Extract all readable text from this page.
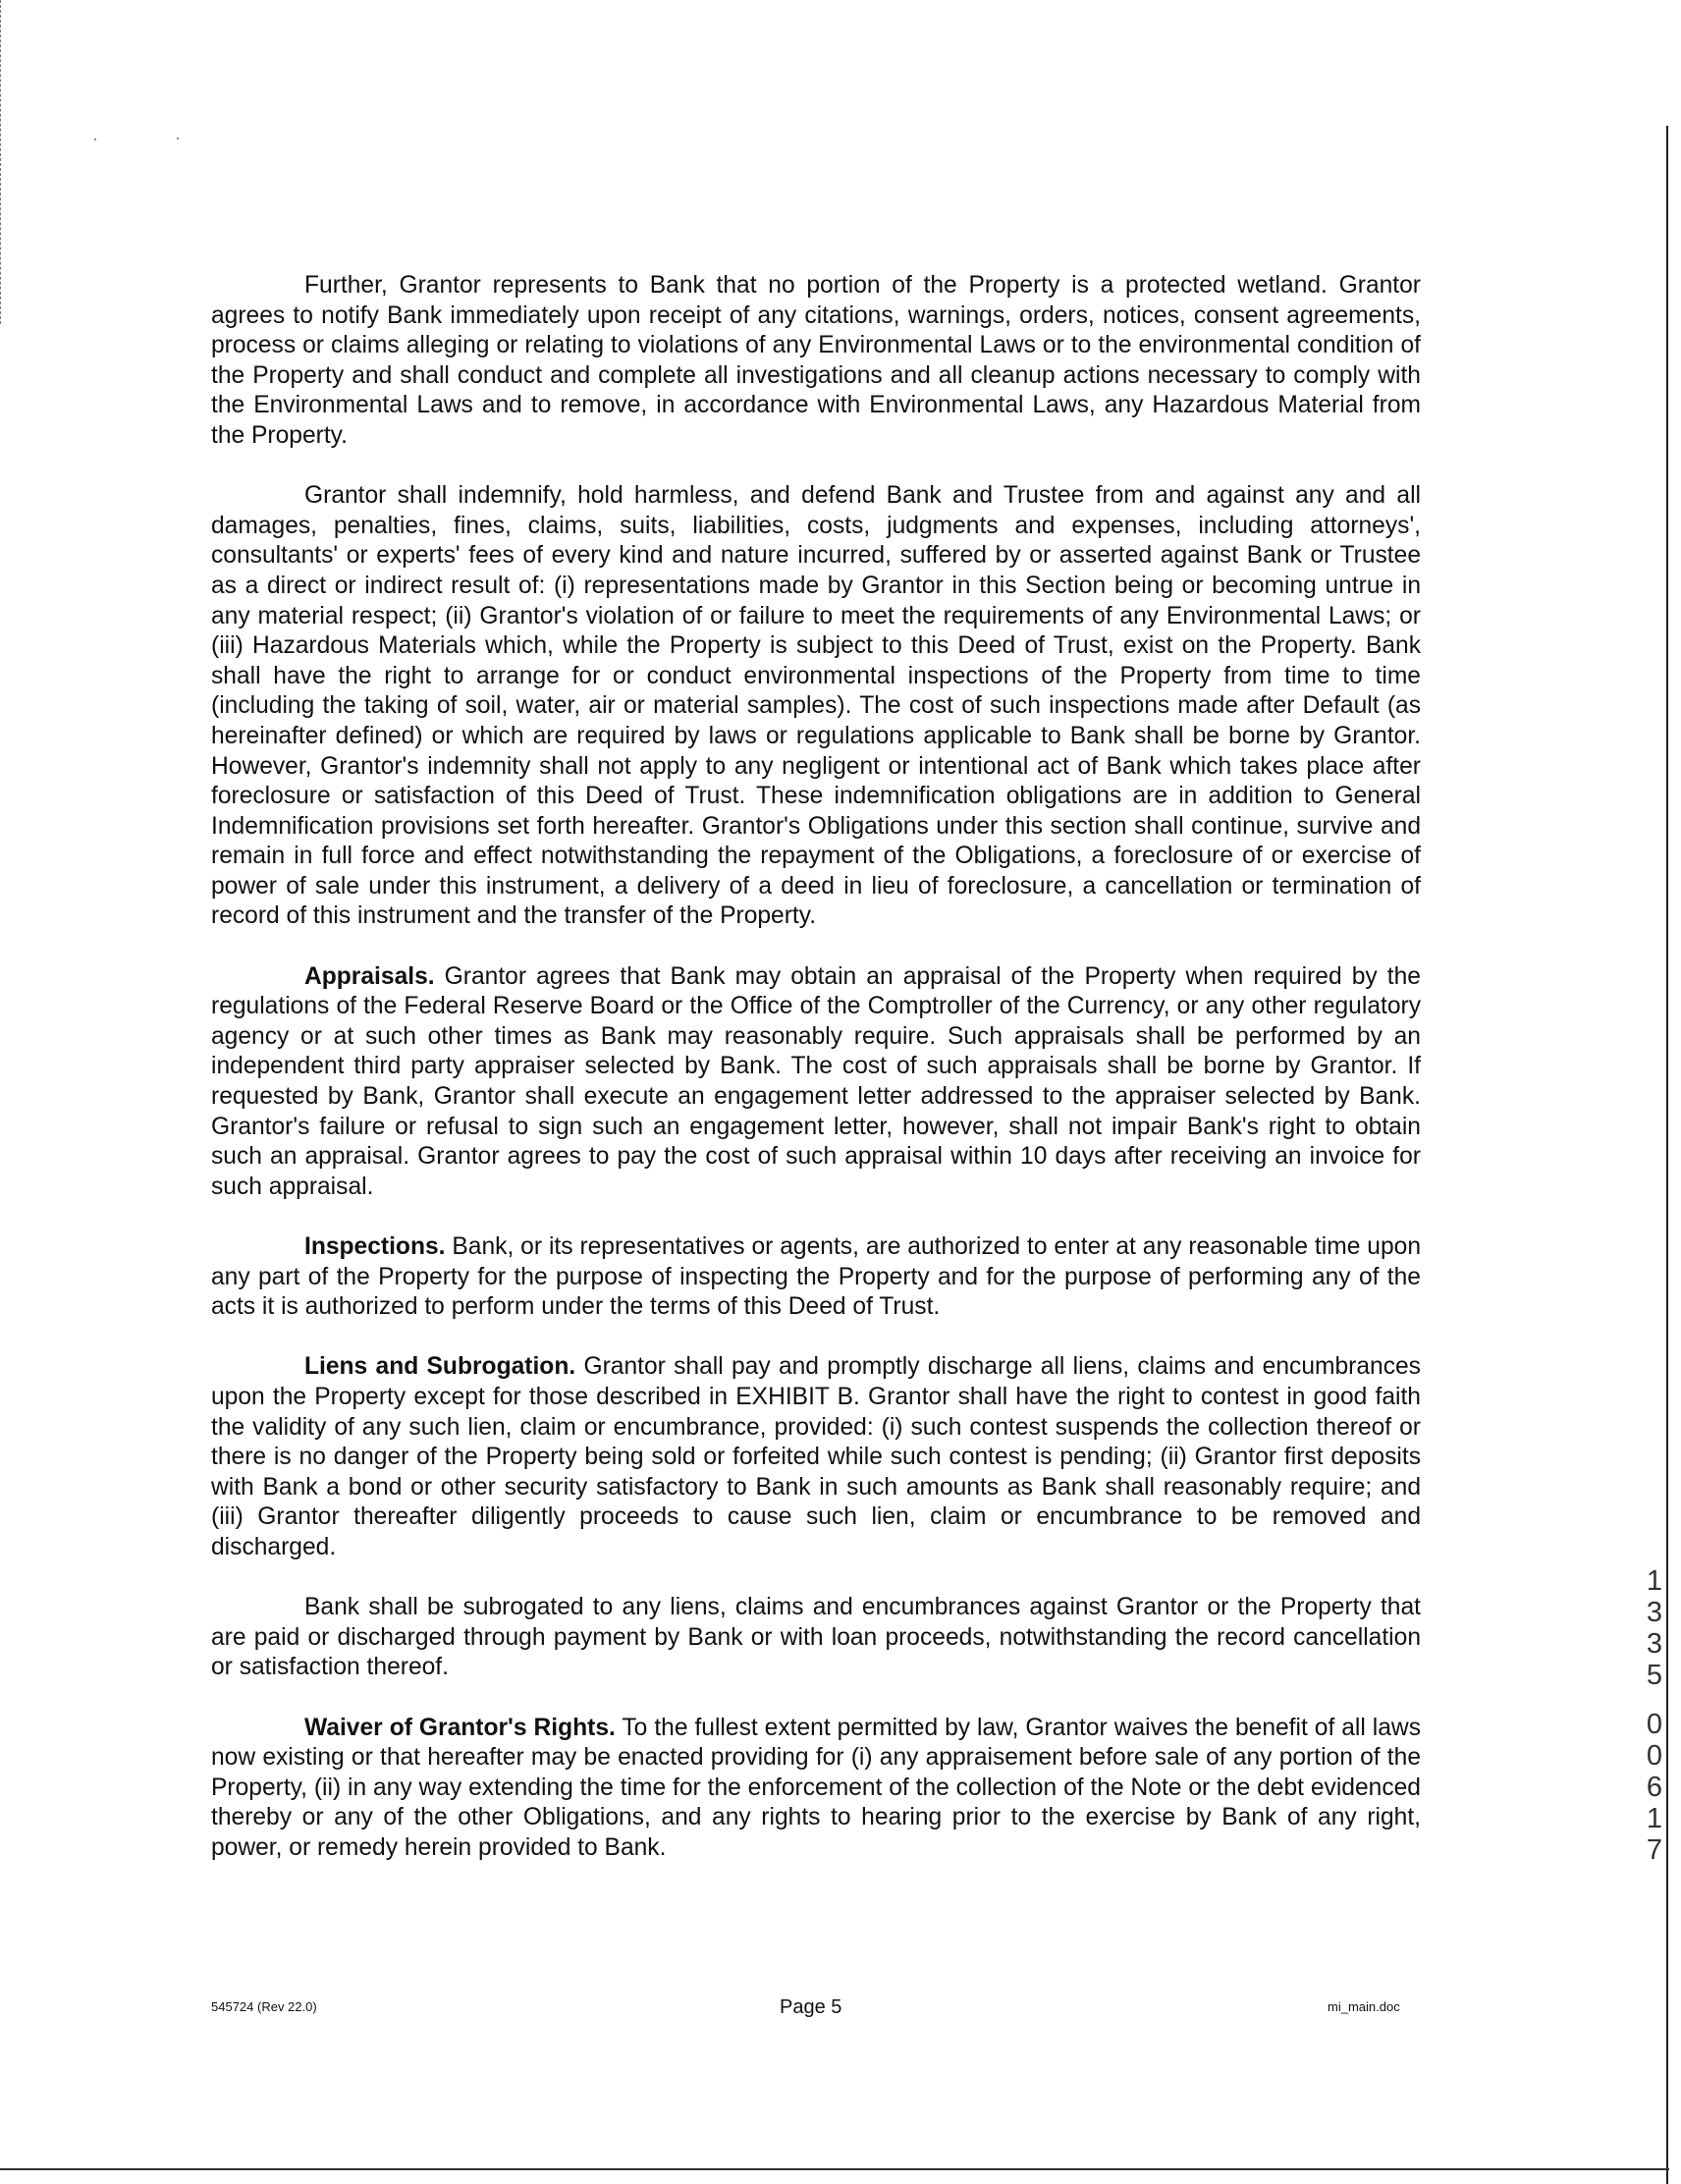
Further, Grantor represents to Bank that no portion of the Property is a protected wetland. Grantor agrees to notify Bank immediately upon receipt of any citations, warnings, orders, notices, consent agreements, process or claims alleging or relating to violations of any Environmental Laws or to the environmental condition of the Property and shall conduct and complete all investigations and all cleanup actions necessary to comply with the Environmental Laws and to remove, in accordance with Environmental Laws, any Hazardous Material from the Property.

Grantor shall indemnify, hold harmless, and defend Bank and Trustee from and against any and all damages, penalties, fines, claims, suits, liabilities, costs, judgments and expenses, including attorneys', consultants' or experts' fees of every kind and nature incurred, suffered by or asserted against Bank or Trustee as a direct or indirect result of: (i) representations made by Grantor in this Section being or becoming untrue in any material respect; (ii) Grantor's violation of or failure to meet the requirements of any Environmental Laws; or (iii) Hazardous Materials which, while the Property is subject to this Deed of Trust, exist on the Property. Bank shall have the right to arrange for or conduct environmental inspections of the Property from time to time (including the taking of soil, water, air or material samples). The cost of such inspections made after Default (as hereinafter defined) or which are required by laws or regulations applicable to Bank shall be borne by Grantor. However, Grantor's indemnity shall not apply to any negligent or intentional act of Bank which takes place after foreclosure or satisfaction of this Deed of Trust. These indemnification obligations are in addition to General Indemnification provisions set forth hereafter. Grantor's Obligations under this section shall continue, survive and remain in full force and effect notwithstanding the repayment of the Obligations, a foreclosure of or exercise of power of sale under this instrument, a delivery of a deed in lieu of foreclosure, a cancellation or termination of record of this instrument and the transfer of the Property.

Appraisals. Grantor agrees that Bank may obtain an appraisal of the Property when required by the regulations of the Federal Reserve Board or the Office of the Comptroller of the Currency, or any other regulatory agency or at such other times as Bank may reasonably require. Such appraisals shall be performed by an independent third party appraiser selected by Bank. The cost of such appraisals shall be borne by Grantor. If requested by Bank, Grantor shall execute an engagement letter addressed to the appraiser selected by Bank. Grantor's failure or refusal to sign such an engagement letter, however, shall not impair Bank's right to obtain such an appraisal. Grantor agrees to pay the cost of such appraisal within 10 days after receiving an invoice for such appraisal.

Inspections. Bank, or its representatives or agents, are authorized to enter at any reasonable time upon any part of the Property for the purpose of inspecting the Property and for the purpose of performing any of the acts it is authorized to perform under the terms of this Deed of Trust.

Liens and Subrogation. Grantor shall pay and promptly discharge all liens, claims and encumbrances upon the Property except for those described in EXHIBIT B. Grantor shall have the right to contest in good faith the validity of any such lien, claim or encumbrance, provided: (i) such contest suspends the collection thereof or there is no danger of the Property being sold or forfeited while such contest is pending; (ii) Grantor first deposits with Bank a bond or other security satisfactory to Bank in such amounts as Bank shall reasonably require; and (iii) Grantor thereafter diligently proceeds to cause such lien, claim or encumbrance to be removed and discharged.

Bank shall be subrogated to any liens, claims and encumbrances against Grantor or the Property that are paid or discharged through payment by Bank or with loan proceeds, notwithstanding the record cancellation or satisfaction thereof.

Waiver of Grantor's Rights. To the fullest extent permitted by law, Grantor waives the benefit of all laws now existing or that hereafter may be enacted providing for (i) any appraisement before sale of any portion of the Property, (ii) in any way extending the time for the enforcement of the collection of the Note or the debt evidenced thereby or any of the other Obligations, and any rights to hearing prior to the exercise by Bank of any right, power, or remedy herein provided to Bank.

545724 (Rev 22.0)	Page 5	mi_main.doc
1
3
3
5
0
0
6
1
7
